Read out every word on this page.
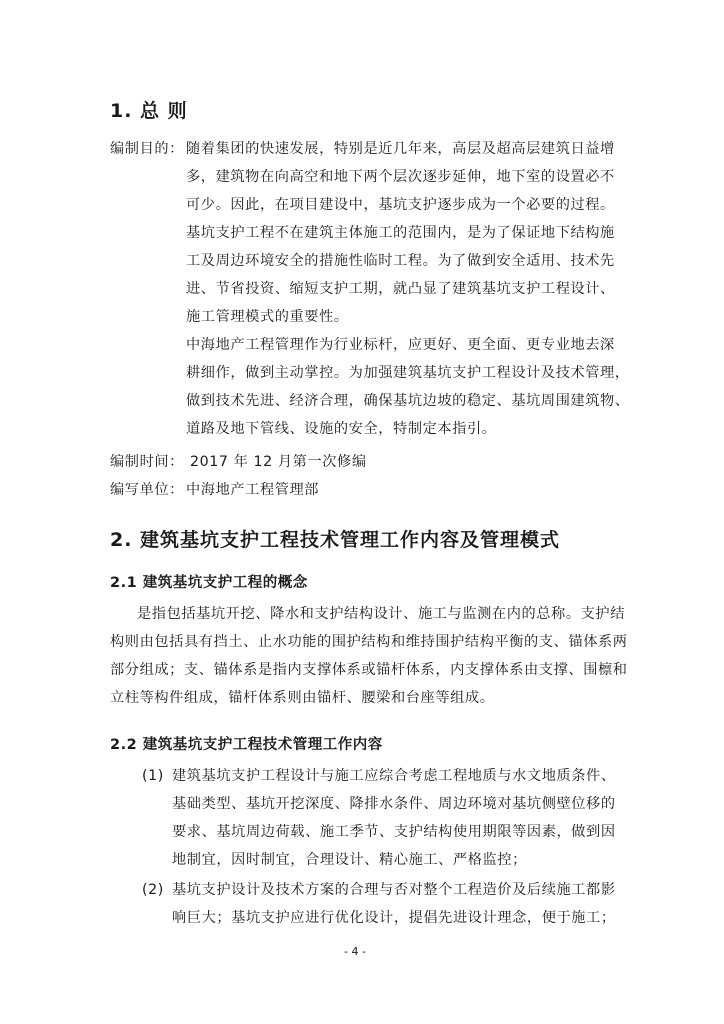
1. 总 则
编制目的： 随着集团的快速发展，特别是近几年来，高层及超高层建筑日益增
多，建筑物在向高空和地下两个层次逐步延伸，地下室的设置必不
可少。因此，在项目建设中，基坑支护逐步成为一个必要的过程。
基坑支护工程不在建筑主体施工的范围内，是为了保证地下结构施
工及周边环境安全的措施性临时工程。为了做到安全适用、技术先
进、节省投资、缩短支护工期，就凸显了建筑基坑支护工程设计、
施工管理模式的重要性。
中海地产工程管理作为行业标杆，应更好、更全面、更专业地去深
耕细作，做到主动掌控。为加强建筑基坑支护工程设计及技术管理，
做到技术先进、经济合理，确保基坑边坡的稳定、基坑周围建筑物、
道路及地下管线、设施的安全，特制定本指引。
编制时间： 2017 年 12 月第一次修编
编写单位： 中海地产工程管理部
2. 建筑基坑支护工程技术管理工作内容及管理模式
2.1 建筑基坑支护工程的概念
是指包括基坑开挖、降水和支护结构设计、施工与监测在内的总称。支护结
构则由包括具有挡土、止水功能的围护结构和维持围护结构平衡的支、锚体系两
部分组成；支、锚体系是指内支撑体系或锚杆体系，内支撑体系由支撑、围檩和
立柱等构件组成，锚杆体系则由锚杆、腰梁和台座等组成。
2.2 建筑基坑支护工程技术管理工作内容
(1) 建筑基坑支护工程设计与施工应综合考虑工程地质与水文地质条件、
基础类型、基坑开挖深度、降排水条件、周边环境对基坑侧壁位移的
要求、基坑周边荷载、施工季节、支护结构使用期限等因素，做到因
地制宜，因时制宜，合理设计、精心施工、严格监控；
(2) 基坑支护设计及技术方案的合理与否对整个工程造价及后续施工都影
响巨大；基坑支护应进行优化设计，提倡先进设计理念，便于施工；
- 4 -
